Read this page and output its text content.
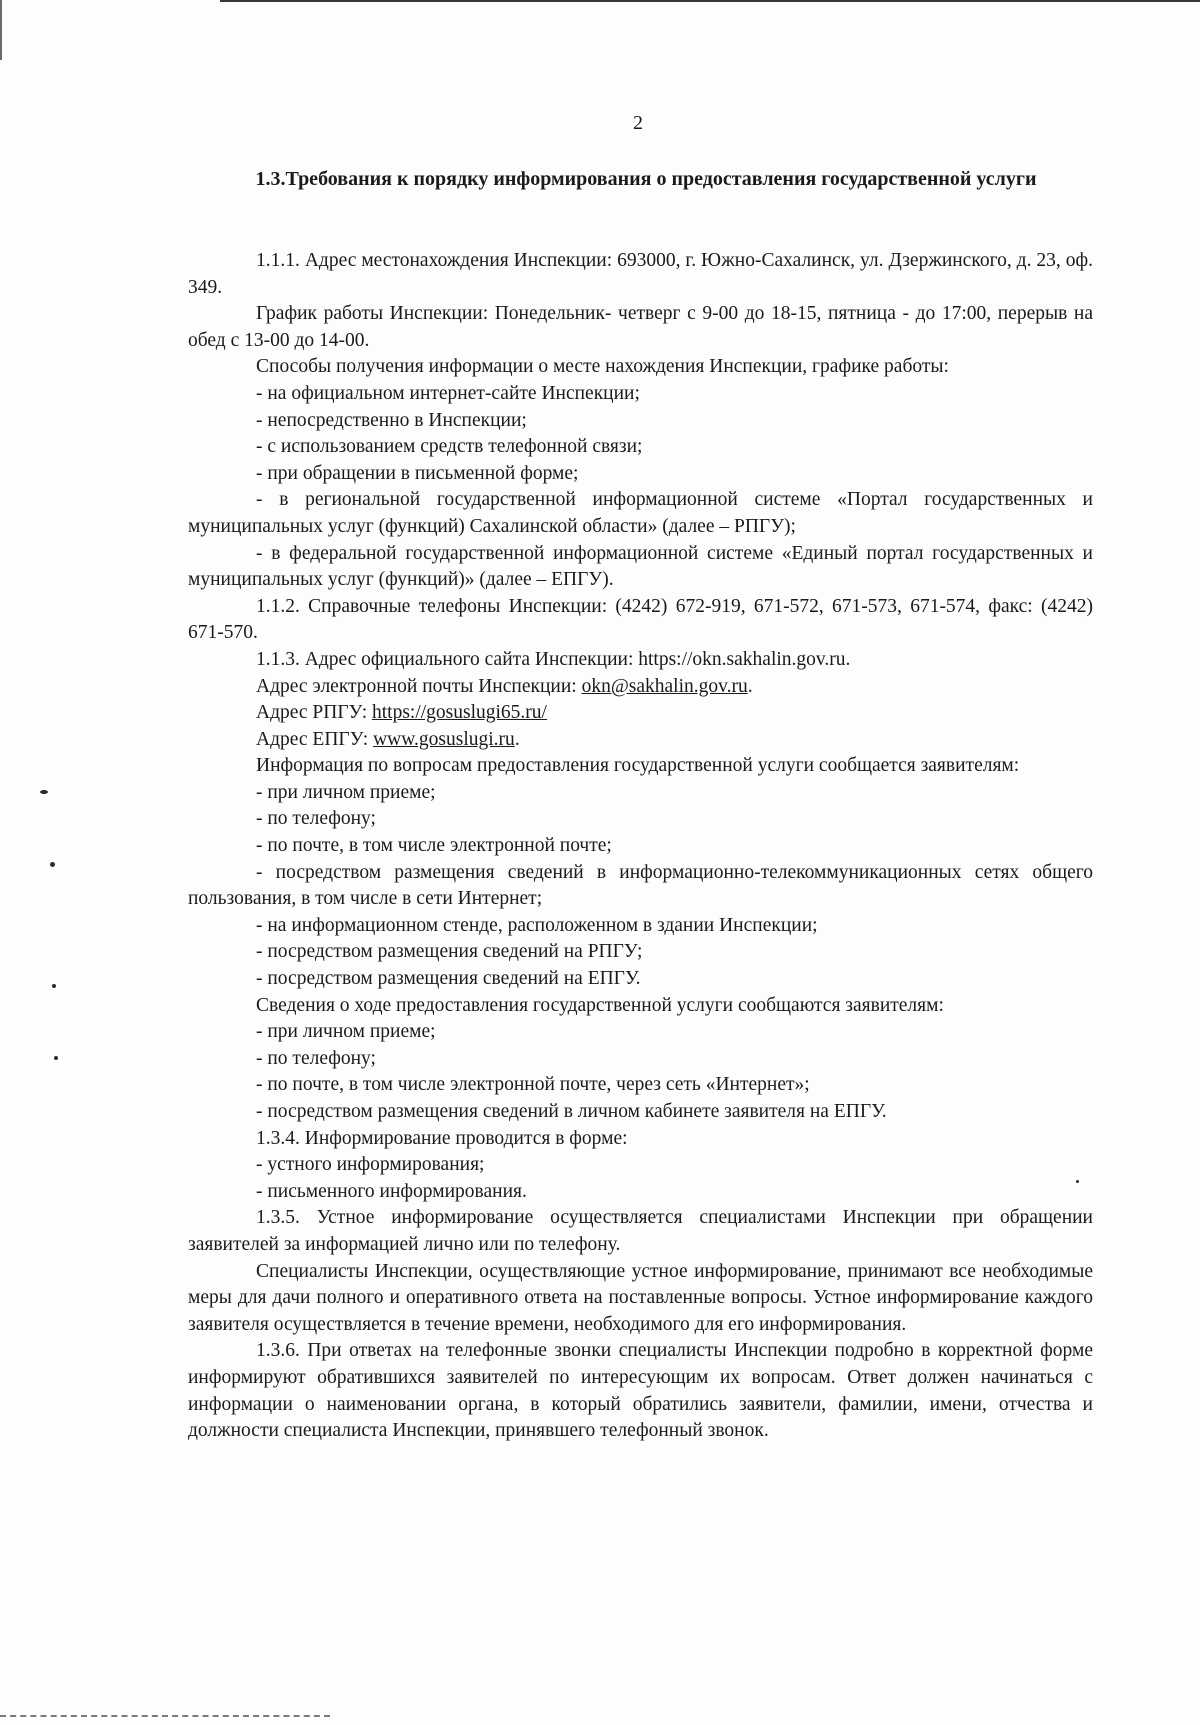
2
1.3.Требования к порядку информирования о предоставления государственной услуги

1.1.1. Адрес местонахождения Инспекции: 693000, г. Южно-Сахалинск, ул. Дзержинского, д. 23, оф. 349.

График работы Инспекции: Понедельник- четверг с 9-00 до 18-15, пятница - до 17:00, перерыв на обед с 13-00 до 14-00.

Способы получения информации о месте нахождения Инспекции, графике работы:

- на официальном интернет-сайте Инспекции;

- непосредственно в Инспекции;

- с использованием средств телефонной связи;

- при обращении в письменной форме;

- в региональной государственной информационной системе «Портал государственных и муниципальных услуг (функций) Сахалинской области» (далее – РПГУ);

- в федеральной государственной информационной системе «Единый портал государственных и муниципальных услуг (функций)» (далее – ЕПГУ).

1.1.2. Справочные телефоны Инспекции: (4242) 672-919, 671-572, 671-573, 671-574, факс: (4242) 671-570.

1.1.3. Адрес официального сайта Инспекции: https://okn.sakhalin.gov.ru.

Адрес электронной почты Инспекции: okn@sakhalin.gov.ru.

Адрес РПГУ: https://gosuslugi65.ru/

Адрес ЕПГУ: www.gosuslugi.ru.

Информация по вопросам предоставления государственной услуги сообщается заявителям:

- при личном приеме;

- по телефону;

- по почте, в том числе электронной почте;

- посредством размещения сведений в информационно-телекоммуникационных сетях общего пользования, в том числе в сети Интернет;

- на информационном стенде, расположенном в здании Инспекции;

- посредством размещения сведений на РПГУ;

- посредством размещения сведений на ЕПГУ.

Сведения о ходе предоставления государственной услуги сообщаются заявителям:

- при личном приеме;

- по телефону;

- по почте, в том числе электронной почте, через сеть «Интернет»;

- посредством размещения сведений в личном кабинете заявителя на ЕПГУ.

1.3.4. Информирование проводится в форме:

- устного информирования;

- письменного информирования.

1.3.5. Устное информирование осуществляется специалистами Инспекции при обращении заявителей за информацией лично или по телефону.

Специалисты Инспекции, осуществляющие устное информирование, принимают все необходимые меры для дачи полного и оперативного ответа на поставленные вопросы. Устное информирование каждого заявителя осуществляется в течение времени, необходимого для его информирования.

1.3.6. При ответах на телефонные звонки специалисты Инспекции подробно в корректной форме информируют обратившихся заявителей по интересующим их вопросам. Ответ должен начинаться с информации о наименовании органа, в который обратились заявители, фамилии, имени, отчества и должности специалиста Инспекции, принявшего телефонный звонок.
